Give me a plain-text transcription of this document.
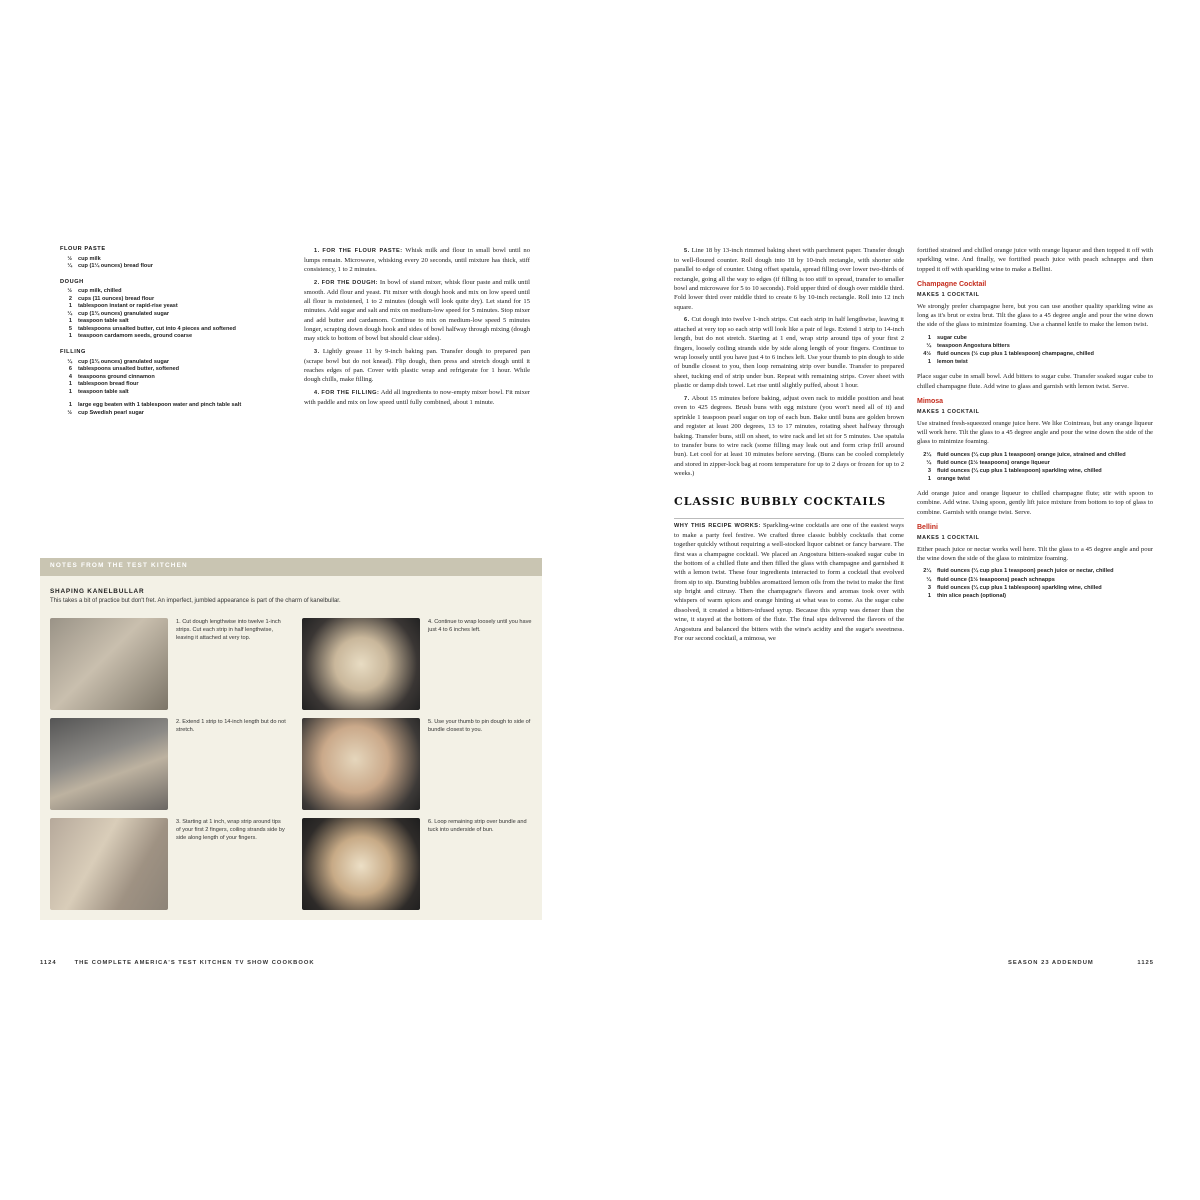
FLOUR PASTE
½ cup milk
¼ cup (1¼ ounces) bread flour
DOUGH
½ cup milk, chilled
2 cups (11 ounces) bread flour
1 tablespoon instant or rapid-rise yeast
¼ cup (1¾ ounces) granulated sugar
1 teaspoon table salt
5 tablespoons unsalted butter, cut into 4 pieces and softened
1 teaspoon cardamom seeds, ground coarse
FILLING
¼ cup (1¾ ounces) granulated sugar
6 tablespoons unsalted butter, softened
4 teaspoons ground cinnamon
1 tablespoon bread flour
1 teaspoon table salt
1 large egg beaten with 1 tablespoon water and pinch table salt
½ cup Swedish pearl sugar

1. FOR THE FLOUR PASTE: Whisk milk and flour in small bowl until no lumps remain. Microwave, whisking every 20 seconds, until mixture has thick, stiff consistency, 1 to 2 minutes.

2. FOR THE DOUGH: In bowl of stand mixer, whisk flour paste and milk until smooth. Add flour and yeast. Fit mixer with dough hook and mix on low speed until all flour is moistened, 1 to 2 minutes (dough will look quite dry). Let stand for 15 minutes. Add sugar and salt and mix on medium-low speed for 5 minutes. Stop mixer and add butter and cardamom. Continue to mix on medium-low speed 5 minutes longer, scraping down dough hook and sides of bowl halfway through mixing (dough may stick to bottom of bowl but should clear sides).

3. Lightly grease 11 by 9-inch baking pan. Transfer dough to prepared pan (scrape bowl but do not knead). Flip dough, then press and stretch dough until it reaches edges of pan. Cover with plastic wrap and refrigerate for 1 hour. While dough chills, make filling.

4. FOR THE FILLING: Add all ingredients to now-empty mixer bowl. Fit mixer with paddle and mix on low speed until fully combined, about 1 minute.

NOTES FROM THE TEST KITCHEN
SHAPING KANELBULLAR
This takes a bit of practice but don't fret. An imperfect, jumbled appearance is part of the charm of kanelbullar.
1. Cut dough lengthwise into twelve 1-inch strips. Cut each strip in half lengthwise, leaving it attached at very top.
4. Continue to wrap loosely until you have just 4 to 6 inches left.
2. Extend 1 strip to 14-inch length but do not stretch.
5. Use your thumb to pin dough to side of bundle closest to you.
3. Starting at 1 inch, wrap strip around tips of your first 2 fingers, coiling strands side by side along length of your fingers.
6. Loop remaining strip over bundle and tuck into underside of bun.
1124	THE COMPLETE AMERICA'S TEST KITCHEN TV SHOW COOKBOOK

5. Line 18 by 13-inch rimmed baking sheet with parchment paper. Transfer dough to well-floured counter. Roll dough into 18 by 10-inch rectangle, with shorter side parallel to edge of counter. Using offset spatula, spread filling over lower two-thirds of rectangle, going all the way to edges (if filling is too stiff to spread, transfer to smaller bowl and microwave for 5 to 10 seconds). Fold upper third of dough over middle third. Fold lower third over middle third to create 6 by 10-inch rectangle. Roll into 12 inch square.

6. Cut dough into twelve 1-inch strips. Cut each strip in half lengthwise, leaving it attached at very top so each strip will look like a pair of legs. Extend 1 strip to 14-inch length, but do not stretch. Starting at 1 end, wrap strip around tips of your first 2 fingers, loosely coiling strands side by side along length of your fingers. Continue to wrap loosely until you have just 4 to 6 inches left. Use your thumb to pin dough to side of bundle closest to you, then loop remaining strip over bundle. Transfer to prepared sheet, tucking end of strip under bun. Repeat with remaining strips. Cover sheet with plastic or damp dish towel. Let rise until slightly puffed, about 1 hour.

7. About 15 minutes before baking, adjust oven rack to middle position and heat oven to 425 degrees. Brush buns with egg mixture (you won't need all of it) and sprinkle 1 teaspoon pearl sugar on top of each bun. Bake until buns are golden brown and register at least 200 degrees, 13 to 17 minutes, rotating sheet halfway through baking. Transfer buns, still on sheet, to wire rack and let sit for 5 minutes. Use spatula to transfer buns to wire rack (some filling may leak out and form crisp frill around bun). Let cool for at least 10 minutes before serving. (Buns can be cooled completely and stored in zipper-lock bag at room temperature for up to 2 days or frozen for up to 2 weeks.)

CLASSIC BUBBLY COCKTAILS

WHY THIS RECIPE WORKS: Sparkling-wine cocktails are one of the easiest ways to make a party feel festive. We crafted three classic bubbly cocktails that come together quickly without requiring a well-stocked liquor cabinet or fancy barware. The first was a champagne cocktail. We placed an Angostura bitters-soaked sugar cube in the bottom of a chilled flute and then filled the glass with champagne and garnished it with a lemon twist. These four ingredients interacted to form a cocktail that evolved from sip to sip. Bursting bubbles aromatized lemon oils from the twist to make the first sip bright and citrusy. Then the champagne's flavors and aromas took over with whispers of warm spices and orange hinting at what was to come. As the sugar cube dissolved, it created a bitters-infused syrup. Because this syrup was denser than the wine, it stayed at the bottom of the flute. The final sips delivered the flavors of the Angostura and balanced the bitters with the wine's acidity and the sugar's sweetness. For our second cocktail, a mimosa, we

fortified strained and chilled orange juice with orange liqueur and then topped it off with sparkling wine. And finally, we fortified peach juice with peach schnapps and then topped it off with sparkling wine to make a Bellini.

Champagne Cocktail
MAKES 1 COCKTAIL

We strongly prefer champagne here, but you can use another quality sparkling wine as long as it's brut or extra brut. Tilt the glass to a 45 degree angle and pour the wine down the side of the glass to minimize foaming. Use a channel knife to make the lemon twist.

1 sugar cube
¼ teaspoon Angostura bitters
4½ fluid ounces (½ cup plus 1 tablespoon) champagne, chilled
1 lemon twist

Place sugar cube in small bowl. Add bitters to sugar cube. Transfer soaked sugar cube to chilled champagne flute. Add wine to glass and garnish with lemon twist. Serve.

Mimosa
MAKES 1 COCKTAIL

Use strained fresh-squeezed orange juice here. We like Cointreau, but any orange liqueur will work here. Tilt the glass to a 45 degree angle and pour the wine down the side of the glass to minimize foaming.

2¼ fluid ounces (¼ cup plus 1 teaspoon) orange juice, strained and chilled
¼ fluid ounce (1½ teaspoons) orange liqueur
3 fluid ounces (¼ cup plus 1 tablespoon) sparkling wine, chilled
1 orange twist

Add orange juice and orange liqueur to chilled champagne flute; stir with spoon to combine. Add wine. Using spoon, gently lift juice mixture from bottom to top of glass to combine. Garnish with orange twist. Serve.

Bellini
MAKES 1 COCKTAIL

Either peach juice or nectar works well here. Tilt the glass to a 45 degree angle and pour the wine down the side of the glass to minimize foaming.

2¼ fluid ounces (¼ cup plus 1 teaspoon) peach juice or nectar, chilled
¼ fluid ounce (1½ teaspoons) peach schnapps
3 fluid ounces (¼ cup plus 1 tablespoon) sparkling wine, chilled
1 thin slice peach (optional)
SEASON 23 ADDENDUM	1125
